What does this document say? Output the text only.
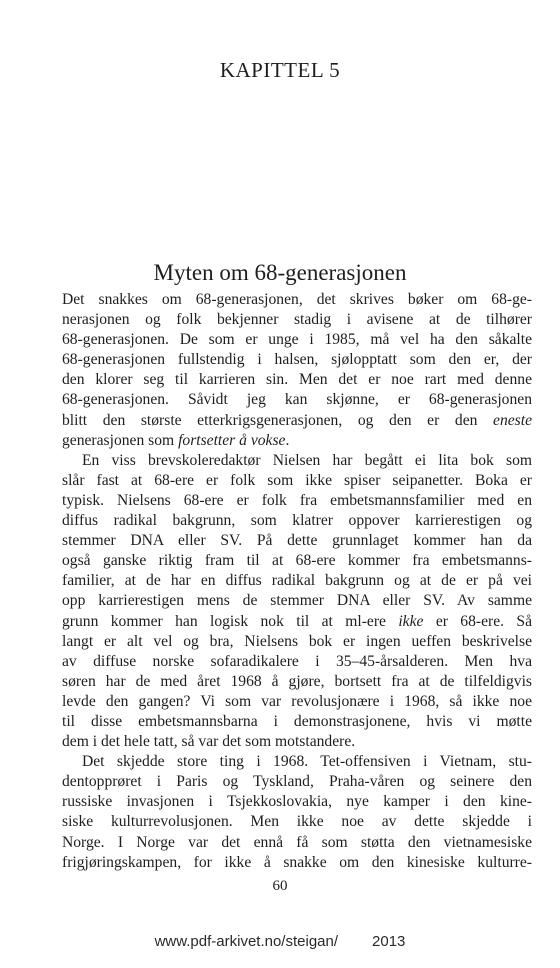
KAPITTEL 5
Myten om 68-generasjonen
Det snakkes om 68-generasjonen, det skrives bøker om 68-ge-
nerasjonen og folk bekjenner stadig i avisene at de tilhører
68-generasjonen. De som er unge i 1985, må vel ha den såkalte
68-generasjonen fullstendig i halsen, sjølopptatt som den er, der
den klorer seg til karrieren sin. Men det er noe rart med denne
68-generasjonen. Såvidt jeg kan skjønne, er 68-generasjonen
blitt den største etterkrigsgenerasjonen, og den er den eneste
generasjonen som fortsetter å vokse.
En viss brevskoleredaktør Nielsen har begått ei lita bok som
slår fast at 68-ere er folk som ikke spiser seipanetter. Boka er
typisk. Nielsens 68-ere er folk fra embetsmannsfamilier med en
diffus radikal bakgrunn, som klatrer oppover karrierestigen og
stemmer DNA eller SV. På dette grunnlaget kommer han da
også ganske riktig fram til at 68-ere kommer fra embetsmanns-
familier, at de har en diffus radikal bakgrunn og at de er på vei
opp karrierestigen mens de stemmer DNA eller SV. Av samme
grunn kommer han logisk nok til at ml-ere ikke er 68-ere. Så
langt er alt vel og bra, Nielsens bok er ingen ueffen beskrivelse
av diffuse norske sofaradikalere i 35–45-årsalderen. Men hva
søren har de med året 1968 å gjøre, bortsett fra at de tilfeldigvis
levde den gangen? Vi som var revolusjonære i 1968, så ikke noe
til disse embetsmannsbarna i demonstrasjonene, hvis vi møtte
dem i det hele tatt, så var det som motstandere.
Det skjedde store ting i 1968. Tet-offensiven i Vietnam, stu-
dentopprøret i Paris og Tyskland, Praha-våren og seinere den
russiske invasjonen i Tsjekkoslovakia, nye kamper i den kine-
siske kulturrevolusjonen. Men ikke noe av dette skjedde i
Norge. I Norge var det ennå få som støtta den vietnamesiske
frigjøringskampen, for ikke å snakke om den kinesiske kulturre-
60
www.pdf-arkivet.no/steigan/ 2013
